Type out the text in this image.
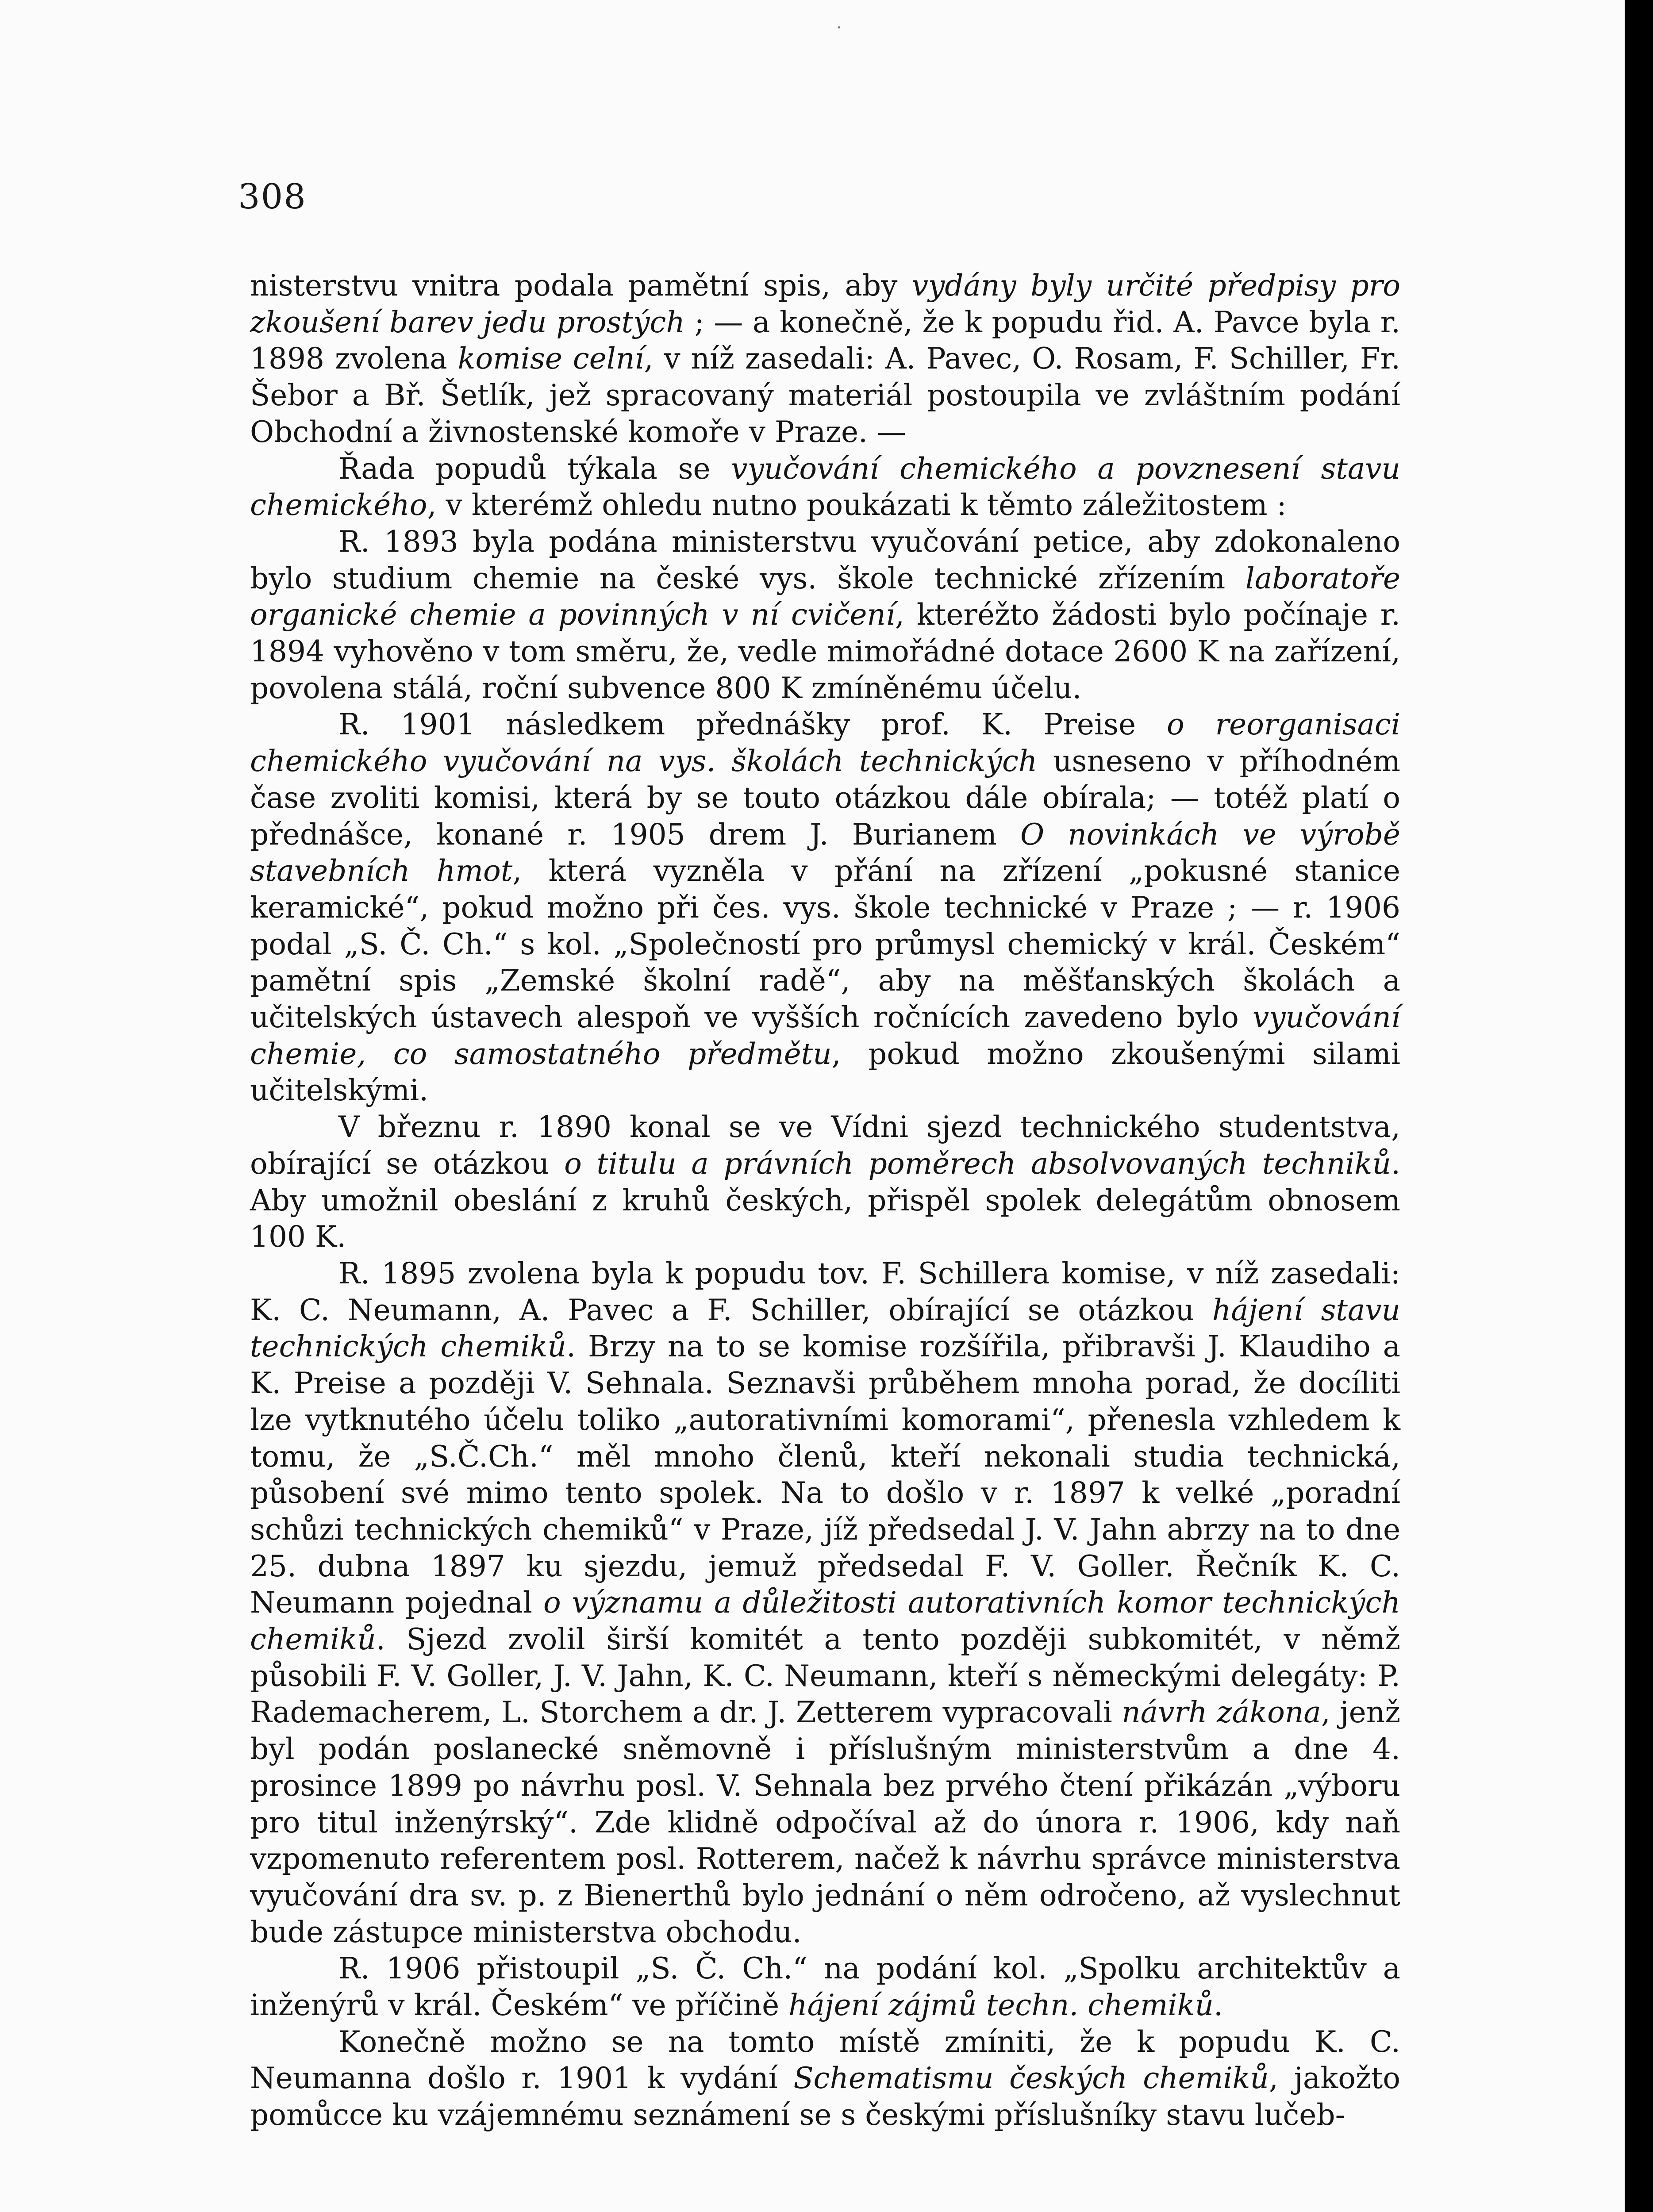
·
308

nisterstvu vnitra podala pamětní spis, aby vydány byly určité předpisy pro zkoušení barev jedu prostých ; — a konečně, že k popudu řid. A. Pavce byla r. 1898 zvolena komise celní, v níž zasedali: A. Pavec, O. Rosam, F. Schiller, Fr. Šebor a Bř. Šetlík, jež spracovaný materiál postoupila ve zvláštním podání Obchodní a živnostenské komoře v Praze. —

Řada popudů týkala se vyučování chemického a povznesení stavu chemického, v kterémž ohledu nutno poukázati k těmto záležitostem :

R. 1893 byla podána ministerstvu vyučování petice, aby zdokonaleno bylo studium chemie na české vys. škole technické zřízením laboratoře organické chemie a povinných v ní cvičení, kteréžto žádosti bylo počínaje r. 1894 vyhověno v tom směru, že, vedle mimořádné dotace 2600 K na zařízení, povolena stálá, roční subvence 800 K zmíněnému účelu.

R. 1901 následkem přednášky prof. K. Preise o reorganisaci chemického vyučování na vys. školách technických usneseno v příhodném čase zvoliti komisi, která by se touto otázkou dále obírala; — totéž platí o přednášce, konané r. 1905 drem J. Burianem O novinkách ve výrobě stavebních hmot, která vyzněla v přání na zřízení „pokusné stanice keramické“, pokud možno při čes. vys. škole technické v Praze ; — r. 1906 podal „S. Č. Ch.“ s kol. „Společností pro průmysl chemický v král. Českém“ pamětní spis „Zemské školní radě“, aby na měšťanských školách a učitelských ústavech alespoň ve vyšších ročnících zavedeno bylo vyučování chemie, co samostatného předmětu, pokud možno zkoušenými silami učitelskými.

V březnu r. 1890 konal se ve Vídni sjezd technického studentstva, obírající se otázkou o titulu a právních poměrech absolvovaných techniků. Aby umožnil obeslání z kruhů českých, přispěl spolek delegátům obnosem 100 K.

R. 1895 zvolena byla k popudu tov. F. Schillera komise, v níž zasedali: K. C. Neumann, A. Pavec a F. Schiller, obírající se otázkou hájení stavu technických chemiků. Brzy na to se komise rozšířila, přibravši J. Klaudiho a K. Preise a později V. Sehnala. Seznavši průběhem mnoha porad, že docíliti lze vytknutého účelu toliko „autorativními komorami“, přenesla vzhledem k tomu, že „S.Č.Ch.“ měl mnoho členů, kteří nekonali studia technická, působení své mimo tento spolek. Na to došlo v r. 1897 k velké „poradní schůzi technických chemiků“ v Praze, jíž předsedal J. V. Jahn abrzy na to dne 25. dubna 1897 ku sjezdu, jemuž předsedal F. V. Goller. Řečník K. C. Neumann pojednal o významu a důležitosti autorativních komor technických chemiků. Sjezd zvolil širší komitét a tento později subkomitét, v němž působili F. V. Goller, J. V. Jahn, K. C. Neumann, kteří s německými delegáty: P. Rademacherem, L. Storchem a dr. J. Zetterem vypracovali návrh zákona, jenž byl podán poslanecké sněmovně i příslušným ministerstvům a dne 4. prosince 1899 po návrhu posl. V. Sehnala bez prvého čtení přikázán „výboru pro titul inženýrský“. Zde klidně odpočíval až do února r. 1906, kdy naň vzpomenuto referentem posl. Rotterem, načež k návrhu správce ministerstva vyučování dra sv. p. z Bienerthů bylo jednání o něm odročeno, až vyslechnut bude zástupce ministerstva obchodu.

R. 1906 přistoupil „S. Č. Ch.“ na podání kol. „Spolku architektův a inženýrů v král. Českém“ ve příčině hájení zájmů techn. chemiků.

Konečně možno se na tomto místě zmíniti, že k popudu K. C. Neumanna došlo r. 1901 k vydání Schematismu českých chemiků, jakožto pomůcce ku vzájemnému seznámení se s českými příslušníky stavu lučeb-
